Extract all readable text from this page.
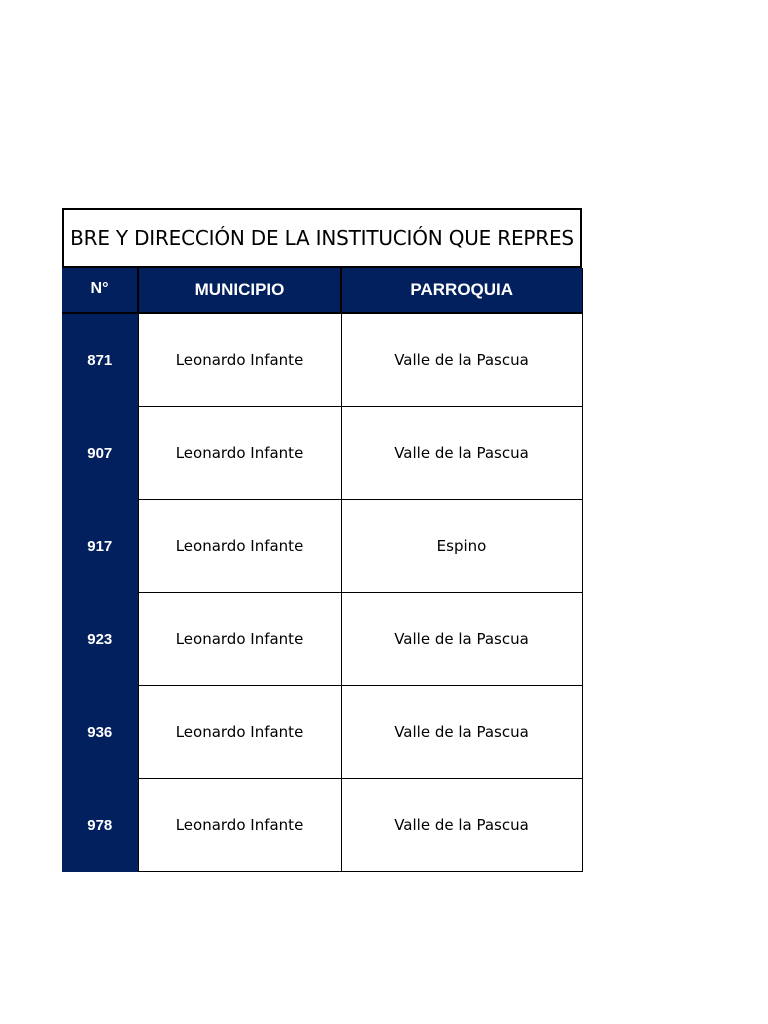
BRE Y DIRECCIÓN DE LA INSTITUCIÓN QUE REPRES
N°	MUNICIPIO	PARROQUIA
871	Leonardo Infante	Valle de la Pascua
907	Leonardo Infante	Valle de la Pascua
917	Leonardo Infante	Espino
923	Leonardo Infante	Valle de la Pascua
936	Leonardo Infante	Valle de la Pascua
978	Leonardo Infante	Valle de la Pascua
